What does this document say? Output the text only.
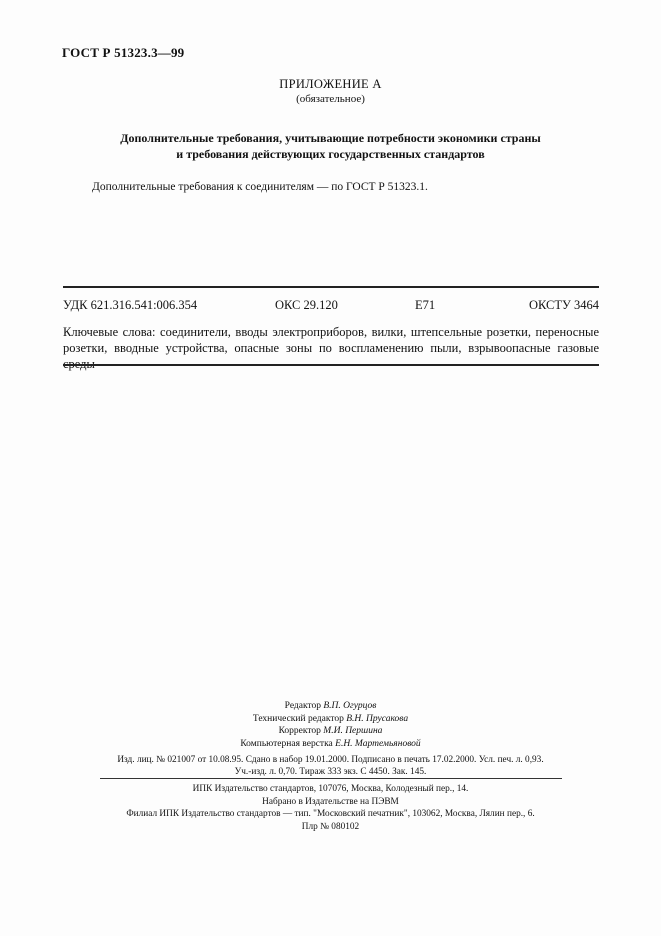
ГОСТ Р 51323.3—99
ПРИЛОЖЕНИЕ А
(обязательное)
Дополнительные требования, учитывающие потребности экономики страны
и требования действующих государственных стандартов
Дополнительные требования к соединителям — по ГОСТ Р 51323.1.
УДК 621.316.541:006.354	ОКС 29.120	Е71	ОКСТУ 3464
Ключевые слова: соединители, вводы электроприборов, вилки, штепсельные розетки, переносные розетки, вводные устройства, опасные зоны по воспламенению пыли, взрывоопасные газовые среды
Редактор В.П. Огурцов
Технический редактор В.Н. Прусакова
Корректор М.И. Першина
Компьютерная верстка Е.Н. Мартемьяновой
Изд. лиц. № 021007 от 10.08.95. Сдано в набор 19.01.2000. Подписано в печать 17.02.2000. Усл. печ. л. 0,93.
Уч.-изд. л. 0,70. Тираж 333 экз. С 4450. Зак. 145.
ИПК Издательство стандартов, 107076, Москва, Колодезный пер., 14.
Набрано в Издательстве на ПЭВМ
Филиал ИПК Издательство стандартов — тип. "Московский печатник", 103062, Москва, Лялин пер., 6.
Плр № 080102
